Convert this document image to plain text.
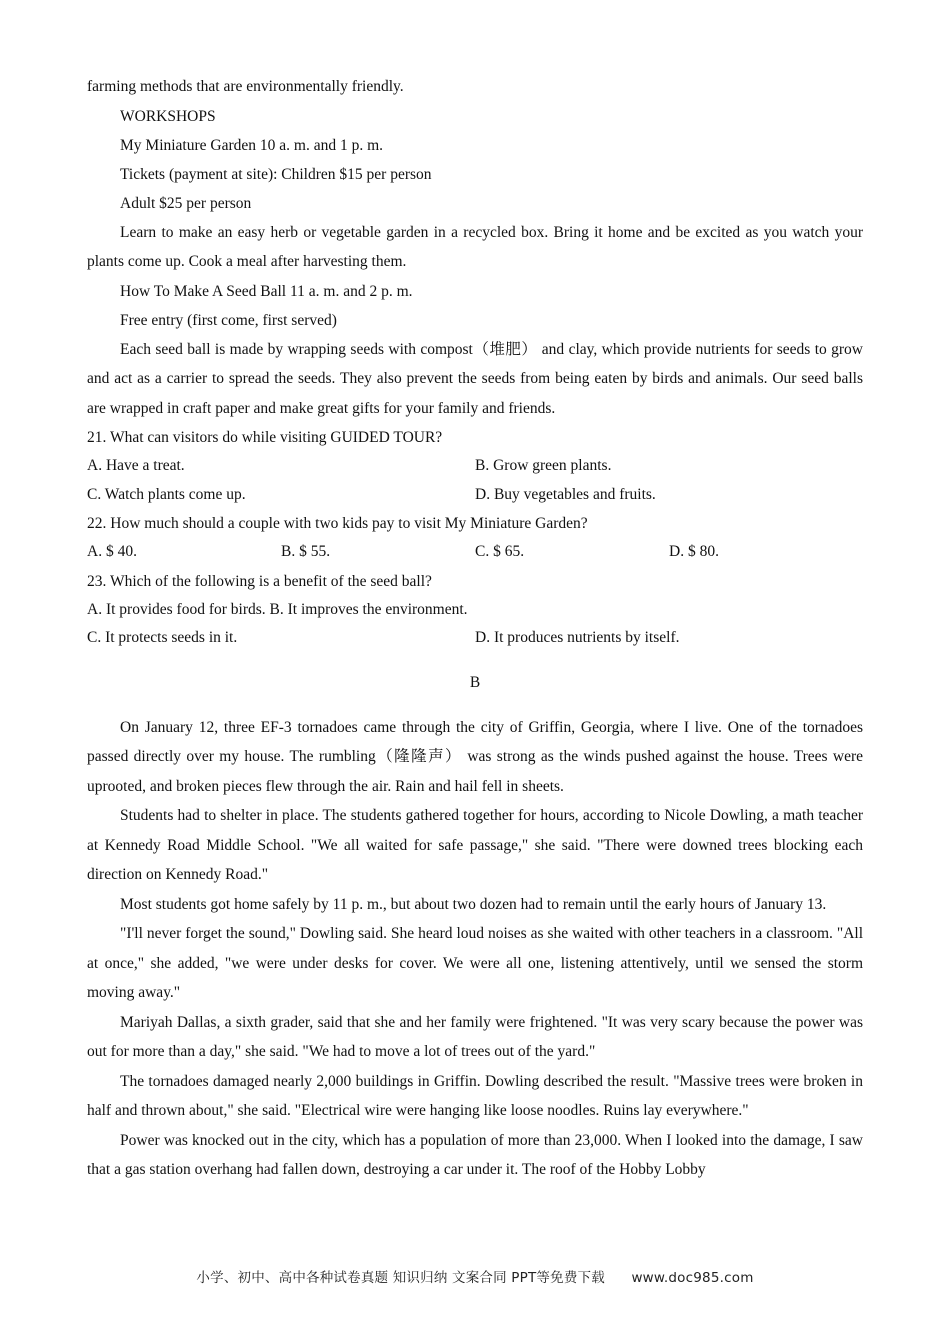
farming methods that are environmentally friendly.

WORKSHOPS

My Miniature Garden 10 a. m. and 1 p. m.

Tickets (payment at site): Children $15 per person

Adult $25 per person

Learn to make an easy herb or vegetable garden in a recycled box. Bring it home and be excited as you watch your plants come up. Cook a meal after harvesting them.

How To Make A Seed Ball 11 a. m. and 2 p. m.

Free entry (first come, first served)

Each seed ball is made by wrapping seeds with compost（堆肥） and clay, which provide nutrients for seeds to grow and act as a carrier to spread the seeds. They also prevent the seeds from being eaten by birds and animals. Our seed balls are wrapped in craft paper and make great gifts for your family and friends.

21. What can visitors do while visiting GUIDED TOUR?

A. Have a treat.	B. Grow green plants.
C. Watch plants come up.	D. Buy vegetables and fruits.

22. How much should a couple with two kids pay to visit My Miniature Garden?

A. $ 40.	B. $ 55.	C. $ 65.	D. $ 80.

23. Which of the following is a benefit of the seed ball?

A. It provides food for birds. B. It improves the environment.
C. It protects seeds in it.	D. It produces nutrients by itself.

B

On January 12, three EF-3 tornadoes came through the city of Griffin, Georgia, where I live. One of the tornadoes passed directly over my house. The rumbling（隆隆声） was strong as the winds pushed against the house. Trees were uprooted, and broken pieces flew through the air. Rain and hail fell in sheets.

Students had to shelter in place. The students gathered together for hours, according to Nicole Dowling, a math teacher at Kennedy Road Middle School. "We all waited for safe passage," she said. "There were downed trees blocking each direction on Kennedy Road."

Most students got home safely by 11 p. m., but about two dozen had to remain until the early hours of January 13.

"I'll never forget the sound," Dowling said. She heard loud noises as she waited with other teachers in a classroom. "All at once," she added, "we were under desks for cover. We were all one, listening attentively, until we sensed the storm moving away."

Mariyah Dallas, a sixth grader, said that she and her family were frightened. "It was very scary because the power was out for more than a day," she said. "We had to move a lot of trees out of the yard."

The tornadoes damaged nearly 2,000 buildings in Griffin. Dowling described the result. "Massive trees were broken in half and thrown about," she said. "Electrical wire were hanging like loose noodles. Ruins lay everywhere."

Power was knocked out in the city, which has a population of more than 23,000. When I looked into the damage, I saw that a gas station overhang had fallen down, destroying a car under it. The roof of the Hobby Lobby

小学、初中、高中各种试卷真题 知识归纳 文案合同 PPT等免费下载 www.doc985.com
